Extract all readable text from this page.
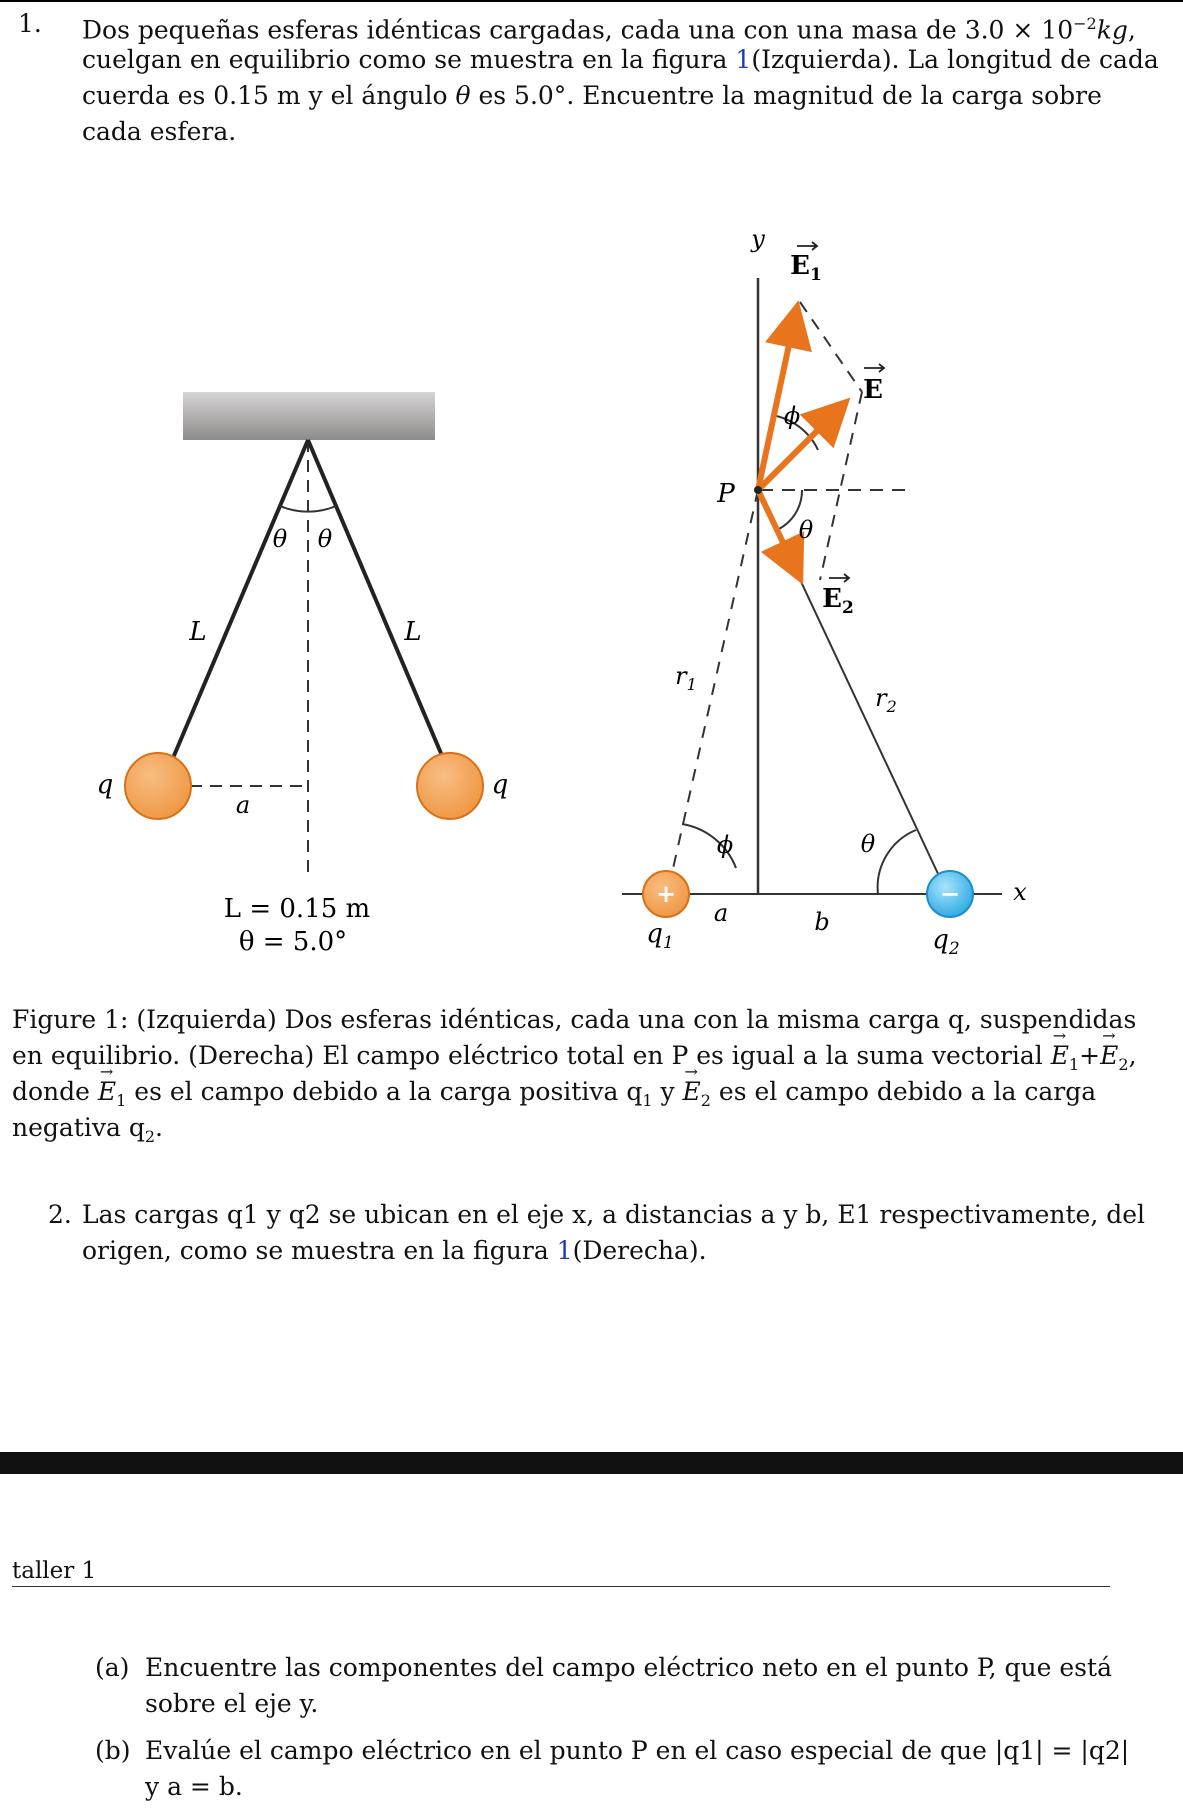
1. Dos pequeñas esferas idénticas cargadas, cada una con una masa de $3.0 \times 10^{-2}kg$,

cuelgan en equilibrio como se muestra en la figura 1(Izquierda). La longitud de cada

cuerda es 0.15 m y el ángulo θ es 5.0°. Encuentre la magnitud de la carga sobre

cada esfera.

θ θ
L	L
q	q
a
L = 0.15 m
θ = 5.0°
y
x
P
$E_1$
E
$E_2$
ϕ
θ
ϕ	θ
$r_1$	$r_2$
+	−
a	b
$q_1$	$q_2$

Figure 1: (Izquierda) Dos esferas idénticas, cada una con la misma carga q, suspendidas

en equilibrio. (Derecha) El campo eléctrico total en P es igual a la suma vectorial → $E_1+\to E_2$,

donde → $E_1$ es el campo debido a la carga positiva $q_1$ $y \to E_2$ es el campo debido a la carga

negativa $q_2$.

2. Las cargas q1 y q2 se ubican en el eje x, a distancias a y b, E1 respectivamente, del

origen, como se muestra en la figura 1(Derecha).

taller 1
(a) Encuentre las componentes del campo eléctrico neto en el punto P, que está

sobre el eje y.

(b) Evalúe el campo eléctrico en el punto P en el caso especial de que |q1| = |q2|

y a = b.
